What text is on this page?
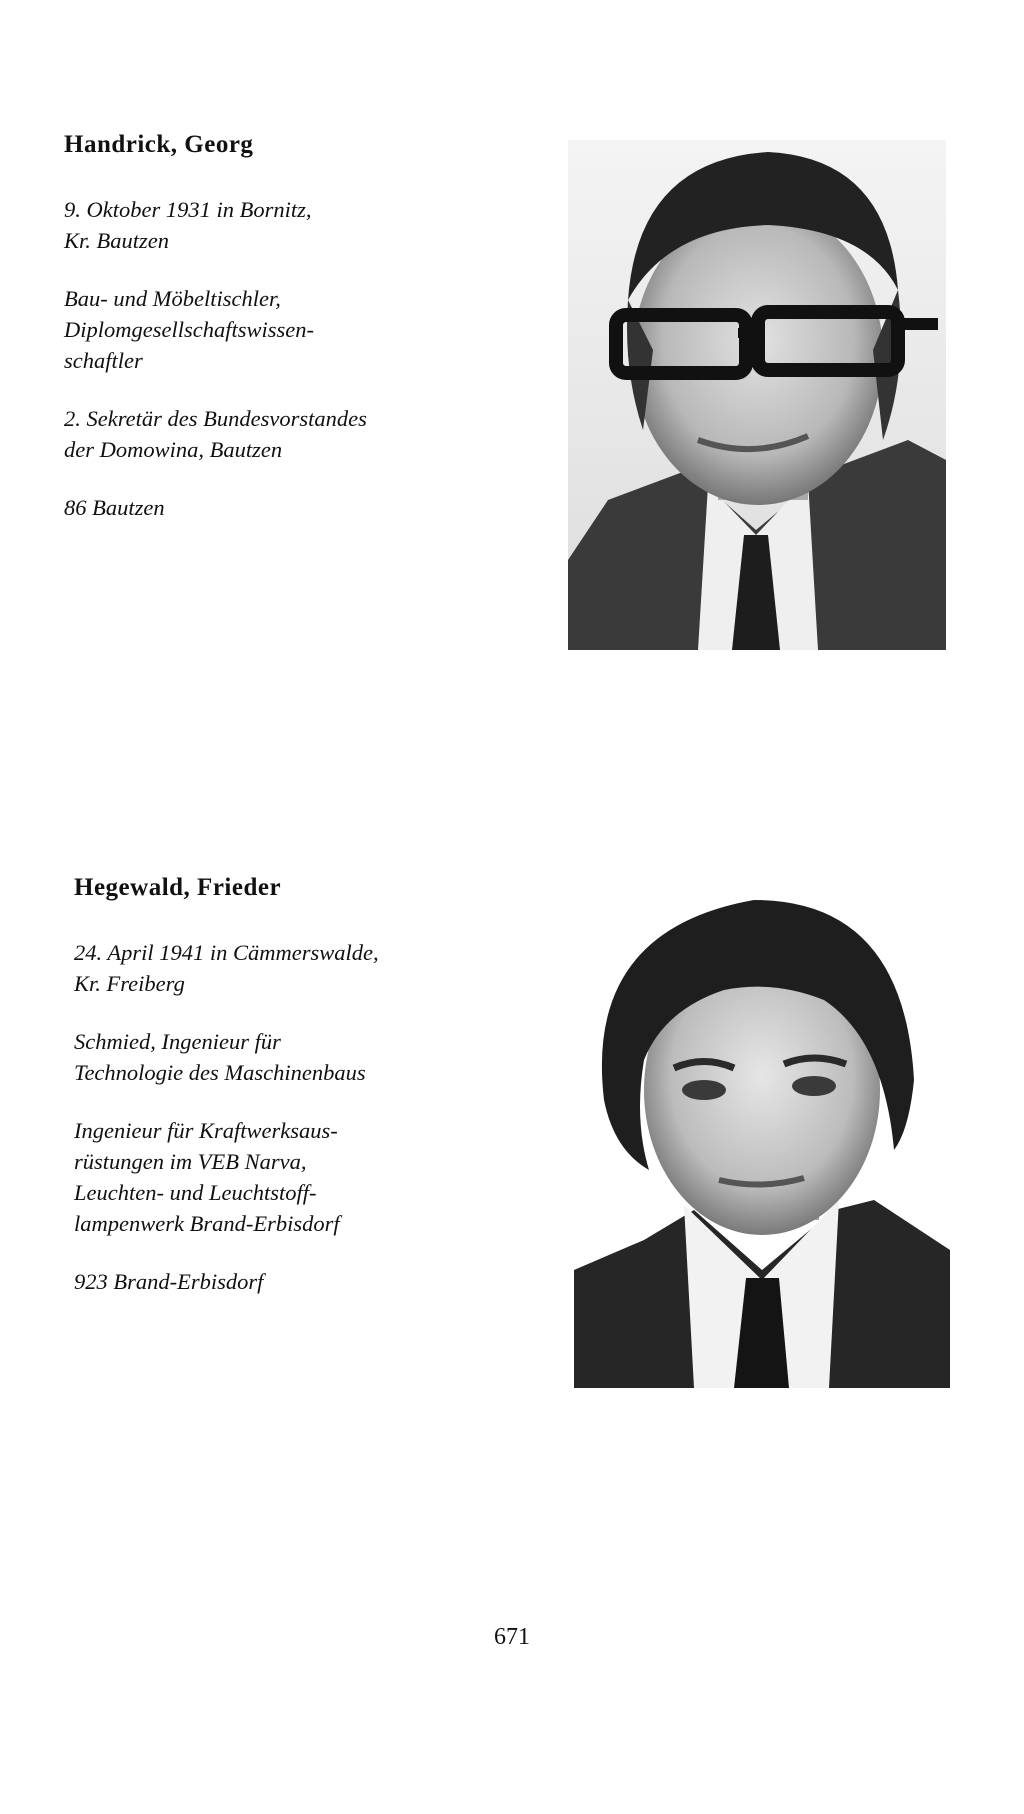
Handrick, Georg
9. Oktober 1931 in Bornitz,
Kr. Bautzen
Bau- und Möbeltischler,
Diplomgesellschaftswissen-
schaftler
2. Sekretär des Bundesvorstandes
der Domowina, Bautzen
86 Bautzen
Hegewald, Frieder
24. April 1941 in Cämmerswalde,
Kr. Freiberg
Schmied, Ingenieur für
Technologie des Maschinenbaus
Ingenieur für Kraftwerksaus-
rüstungen im VEB Narva,
Leuchten- und Leuchtstoff-
lampenwerk Brand-Erbisdorf
923 Brand-Erbisdorf
671
